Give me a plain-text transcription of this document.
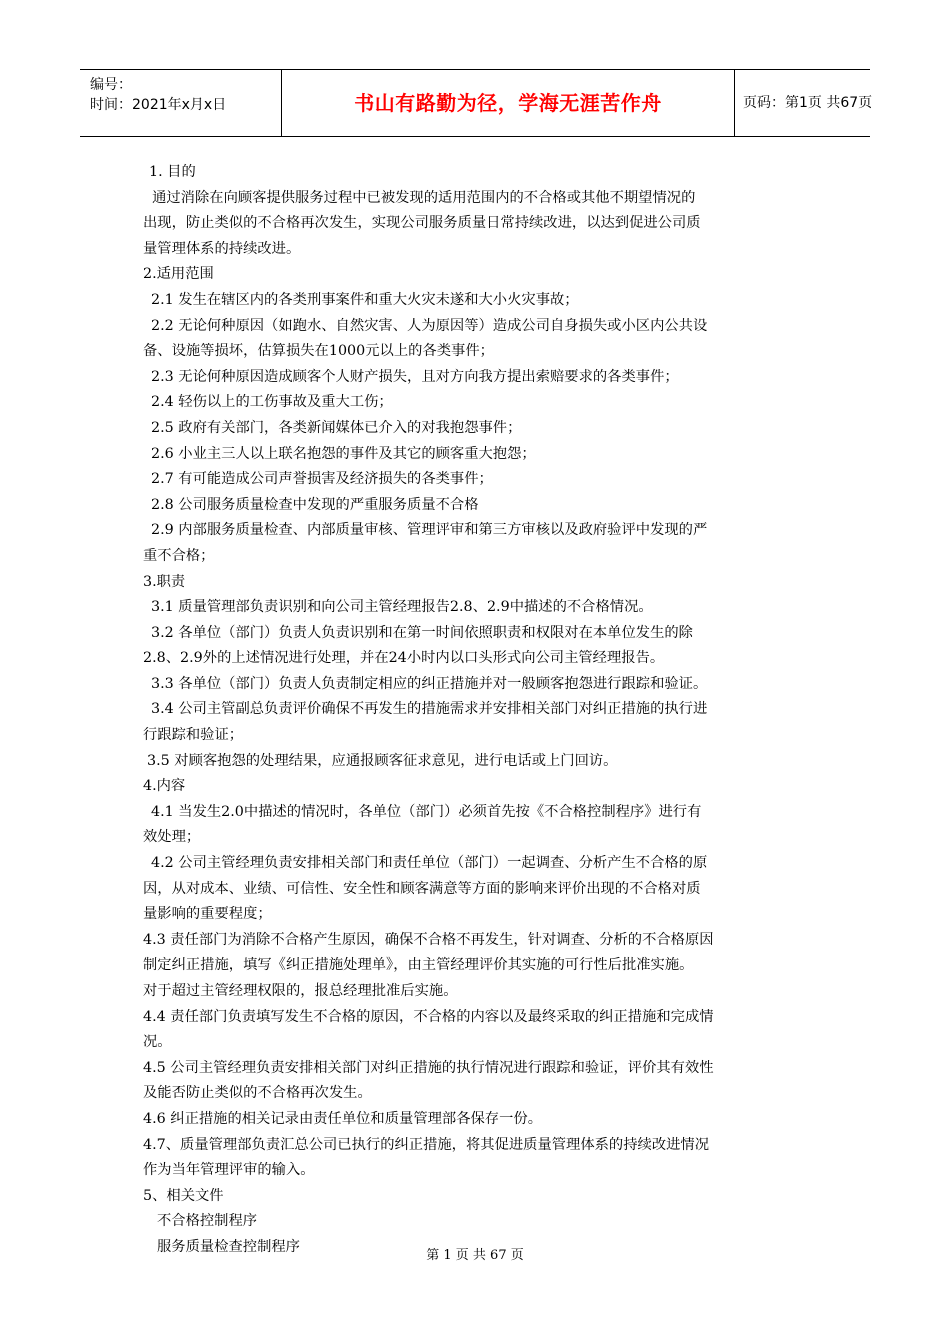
编号：
时间：2021年x月x日	书山有路勤为径，学海无涯苦作舟	页码：第1页 共67页
1. 目的
通过消除在向顾客提供服务过程中已被发现的适用范围内的不合格或其他不期望情况的
出现，防止类似的不合格再次发生，实现公司服务质量日常持续改进，以达到促进公司质
量管理体系的持续改进。
2.适用范围
2.1 发生在辖区内的各类刑事案件和重大火灾未遂和大小火灾事故；
2.2 无论何种原因（如跑水、自然灾害、人为原因等）造成公司自身损失或小区内公共设
备、设施等损坏，估算损失在1000元以上的各类事件；
2.3 无论何种原因造成顾客个人财产损失，且对方向我方提出索赔要求的各类事件；
2.4 轻伤以上的工伤事故及重大工伤；
2.5 政府有关部门，各类新闻媒体已介入的对我抱怨事件；
2.6 小业主三人以上联名抱怨的事件及其它的顾客重大抱怨；
2.7 有可能造成公司声誉损害及经济损失的各类事件；
2.8 公司服务质量检查中发现的严重服务质量不合格
2.9 内部服务质量检查、内部质量审核、管理评审和第三方审核以及政府验评中发现的严
重不合格；
3.职责
3.1 质量管理部负责识别和向公司主管经理报告2.8、2.9中描述的不合格情况。
3.2 各单位（部门）负责人负责识别和在第一时间依照职责和权限对在本单位发生的除
2.8、2.9外的上述情况进行处理，并在24小时内以口头形式向公司主管经理报告。
3.3 各单位（部门）负责人负责制定相应的纠正措施并对一般顾客抱怨进行跟踪和验证。
3.4 公司主管副总负责评价确保不再发生的措施需求并安排相关部门对纠正措施的执行进
行跟踪和验证；
3.5 对顾客抱怨的处理结果，应通报顾客征求意见，进行电话或上门回访。
4.内容
4.1 当发生2.0中描述的情况时，各单位（部门）必须首先按《不合格控制程序》进行有
效处理；
4.2 公司主管经理负责安排相关部门和责任单位（部门）一起调查、分析产生不合格的原
因，从对成本、业绩、可信性、安全性和顾客满意等方面的影响来评价出现的不合格对质
量影响的重要程度；
4.3 责任部门为消除不合格产生原因，确保不合格不再发生，针对调查、分析的不合格原因
制定纠正措施，填写《纠正措施处理单》，由主管经理评价其实施的可行性后批准实施。
对于超过主管经理权限的，报总经理批准后实施。
4.4 责任部门负责填写发生不合格的原因，不合格的内容以及最终采取的纠正措施和完成情
况。
4.5 公司主管经理负责安排相关部门对纠正措施的执行情况进行跟踪和验证，评价其有效性
及能否防止类似的不合格再次发生。
4.6 纠正措施的相关记录由责任单位和质量管理部各保存一份。
4.7、质量管理部负责汇总公司已执行的纠正措施，将其促进质量管理体系的持续改进情况
作为当年管理评审的输入。
5、相关文件
不合格控制程序
服务质量检查控制程序
第 1 页 共 67 页
